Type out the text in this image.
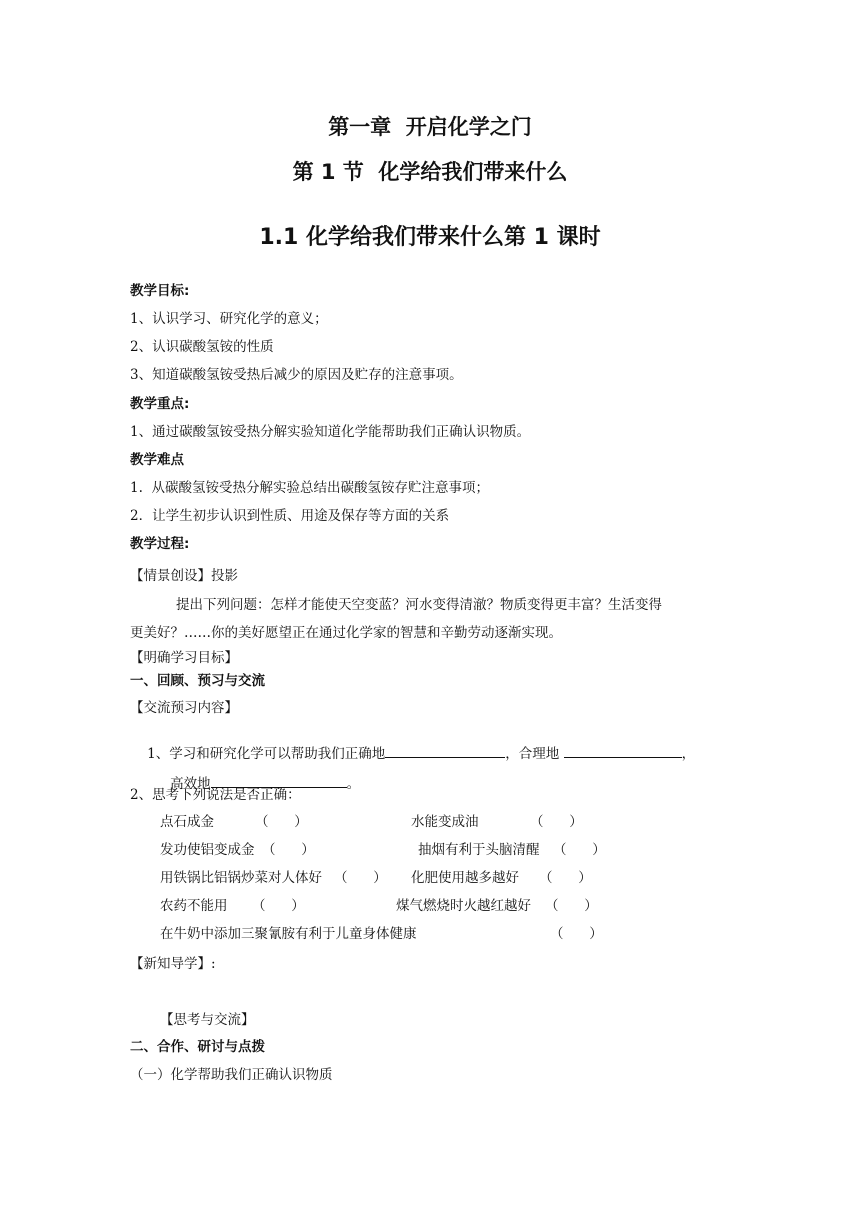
第一章  开启化学之门
第 1 节  化学给我们带来什么
1.1 化学给我们带来什么第 1 课时
教学目标:
1、认识学习、研究化学的意义；
2、认识碳酸氢铵的性质
3、知道碳酸氢铵受热后减少的原因及贮存的注意事项。
教学重点:
1、通过碳酸氢铵受热分解实验知道化学能帮助我们正确认识物质。
教学难点
1.  从碳酸氢铵受热分解实验总结出碳酸氢铵存贮注意事项；
2．让学生初步认识到性质、用途及保存等方面的关系
教学过程:
【情景创设】投影
提出下列问题：怎样才能使天空变蓝？河水变得清澈？物质变得更丰富？生活变得
更美好？……你的美好愿望正在通过化学家的智慧和辛勤劳动逐渐实现。
【明确学习目标】
一、回顾、预习与交流
【交流预习内容】

1、学习和研究化学可以帮助我们正确地	，合理地	，

高效地	。

2、思考下列说法是否正确：
点石成金	（      ）	水能变成油	（      ）
发功使铝变成金 （      ）	抽烟有利于头脑清醒 （      ）
用铁锅比铝锅炒菜对人体好 （      ） 化肥使用越多越好 （      ）
农药不能用 （      ）	煤气燃烧时火越红越好 （      ）
在牛奶中添加三聚氰胺有利于儿童身体健康	（      ）
【新知导学】:
【思考与交流】
二、合作、研讨与点拨
（一）化学帮助我们正确认识物质
